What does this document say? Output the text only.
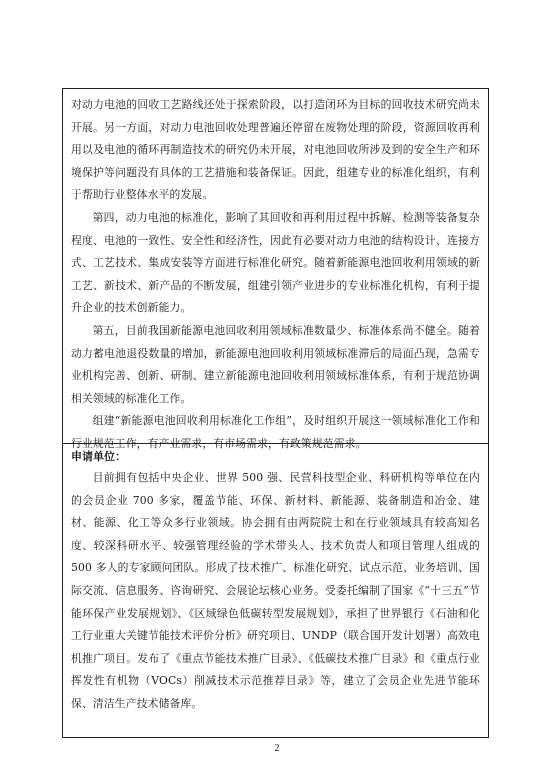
对动力电池的回收工艺路线还处于探索阶段，以打造闭环为目标的回收技术研究尚未开展。另一方面，对动力电池回收处理普遍还停留在废物处理的阶段，资源回收再利用以及电池的循环再制造技术的研究仍未开展，对电池回收所涉及到的安全生产和环境保护等问题没有具体的工艺措施和装备保证。因此，组建专业的标准化组织，有利于帮助行业整体水平的发展。

第四，动力电池的标准化，影响了其回收和再利用过程中拆解、检测等装备复杂程度、电池的一致性、安全性和经济性，因此有必要对动力电池的结构设计、连接方式、工艺技术、集成安装等方面进行标准化研究。随着新能源电池回收利用领域的新工艺、新技术、新产品的不断发展，组建引领产业进步的专业标准化机构，有利于提升企业的技术创新能力。

第五，目前我国新能源电池回收利用领域标准数量少、标准体系尚不健全。随着动力蓄电池退役数量的增加，新能源电池回收利用领域标准滞后的局面凸现，急需专业机构完善、创新、研制、建立新能源电池回收利用领域标准体系，有利于规范协调相关领域的标准化工作。

组建“新能源电池回收利用标准化工作组”，及时组织开展这一领域标准化工作和行业规范工作，有产业需求，有市场需求，有政策规范需求。

申请单位：

目前拥有包括中央企业、世界 500 强、民营科技型企业、科研机构等单位在内的会员企业 700 多家，覆盖节能、环保、新材料、新能源、装备制造和冶金、建材、能源、化工等众多行业领域。协会拥有由两院院士和在行业领域具有较高知名度、较深科研水平、较强管理经验的学术带头人、技术负责人和项目管理人组成的 500 多人的专家顾问团队。形成了技术推广、标准化研究、试点示范、业务培训、国际交流、信息服务、咨询研究、会展论坛核心业务。受委托编制了国家《“十三五”节能环保产业发展规划》、《区域绿色低碳转型发展规划》，承担了世界银行《石油和化工行业重大关键节能技术评价分析》研究项目、UNDP（联合国开发计划署）高效电机推广项目。发布了《重点节能技术推广目录》、《低碳技术推广目录》和《重点行业挥发性有机物（VOCs）削减技术示范推荐目录》等，建立了会员企业先进节能环保、清洁生产技术储备库。

2
